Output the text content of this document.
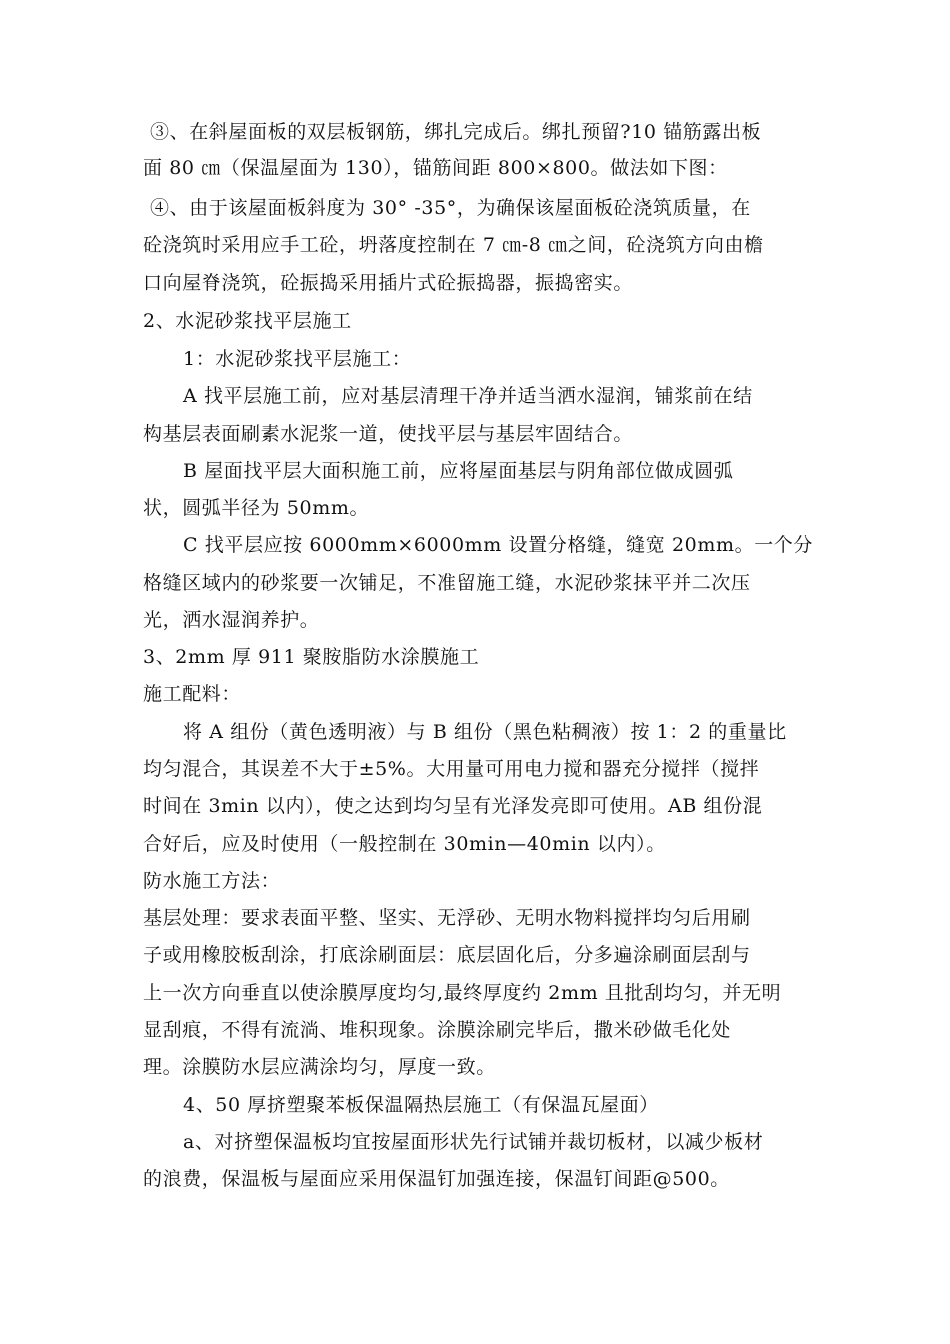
③、在斜屋面板的双层板钢筋，绑扎完成后。绑扎预留?10 锚筋露出板
面 80 ㎝（保温屋面为 130），锚筋间距 800×800。做法如下图：
④、由于该屋面板斜度为 30° -35°，为确保该屋面板砼浇筑质量，在
砼浇筑时采用应手工砼，坍落度控制在 7 ㎝-8 ㎝之间，砼浇筑方向由檐
口向屋脊浇筑，砼振捣采用插片式砼振捣器，振捣密实。
2、水泥砂浆找平层施工
1：水泥砂浆找平层施工：
A 找平层施工前，应对基层清理干净并适当洒水湿润，铺浆前在结
构基层表面刷素水泥浆一道，使找平层与基层牢固结合。
B 屋面找平层大面积施工前，应将屋面基层与阴角部位做成圆弧
状，圆弧半径为 50mm。
C 找平层应按 6000mm×6000mm 设置分格缝，缝宽 20mm。一个分
格缝区域内的砂浆要一次铺足，不准留施工缝，水泥砂浆抹平并二次压
光，洒水湿润养护。
3、2mm 厚 911 聚胺脂防水涂膜施工
施工配料：
将 A 组份（黄色透明液）与 B 组份（黑色粘稠液）按 1：2 的重量比
均匀混合，其误差不大于±5%。大用量可用电力搅和器充分搅拌（搅拌
时间在 3min 以内），使之达到均匀呈有光泽发亮即可使用。AB 组份混
合好后，应及时使用（一般控制在 30min—40min 以内）。
防水施工方法：
基层处理：要求表面平整、坚实、无浮砂、无明水物料搅拌均匀后用刷
子或用橡胶板刮涂，打底涂刷面层：底层固化后，分多遍涂刷面层刮与
上一次方向垂直以使涂膜厚度均匀,最终厚度约 2mm 且批刮均匀，并无明
显刮痕，不得有流淌、堆积现象。涂膜涂刷完毕后，撒米砂做毛化处
理。涂膜防水层应满涂均匀，厚度一致。
4、50 厚挤塑聚苯板保温隔热层施工（有保温瓦屋面）
a、对挤塑保温板均宜按屋面形状先行试铺并裁切板材，以减少板材
的浪费，保温板与屋面应采用保温钉加强连接，保温钉间距@500。
